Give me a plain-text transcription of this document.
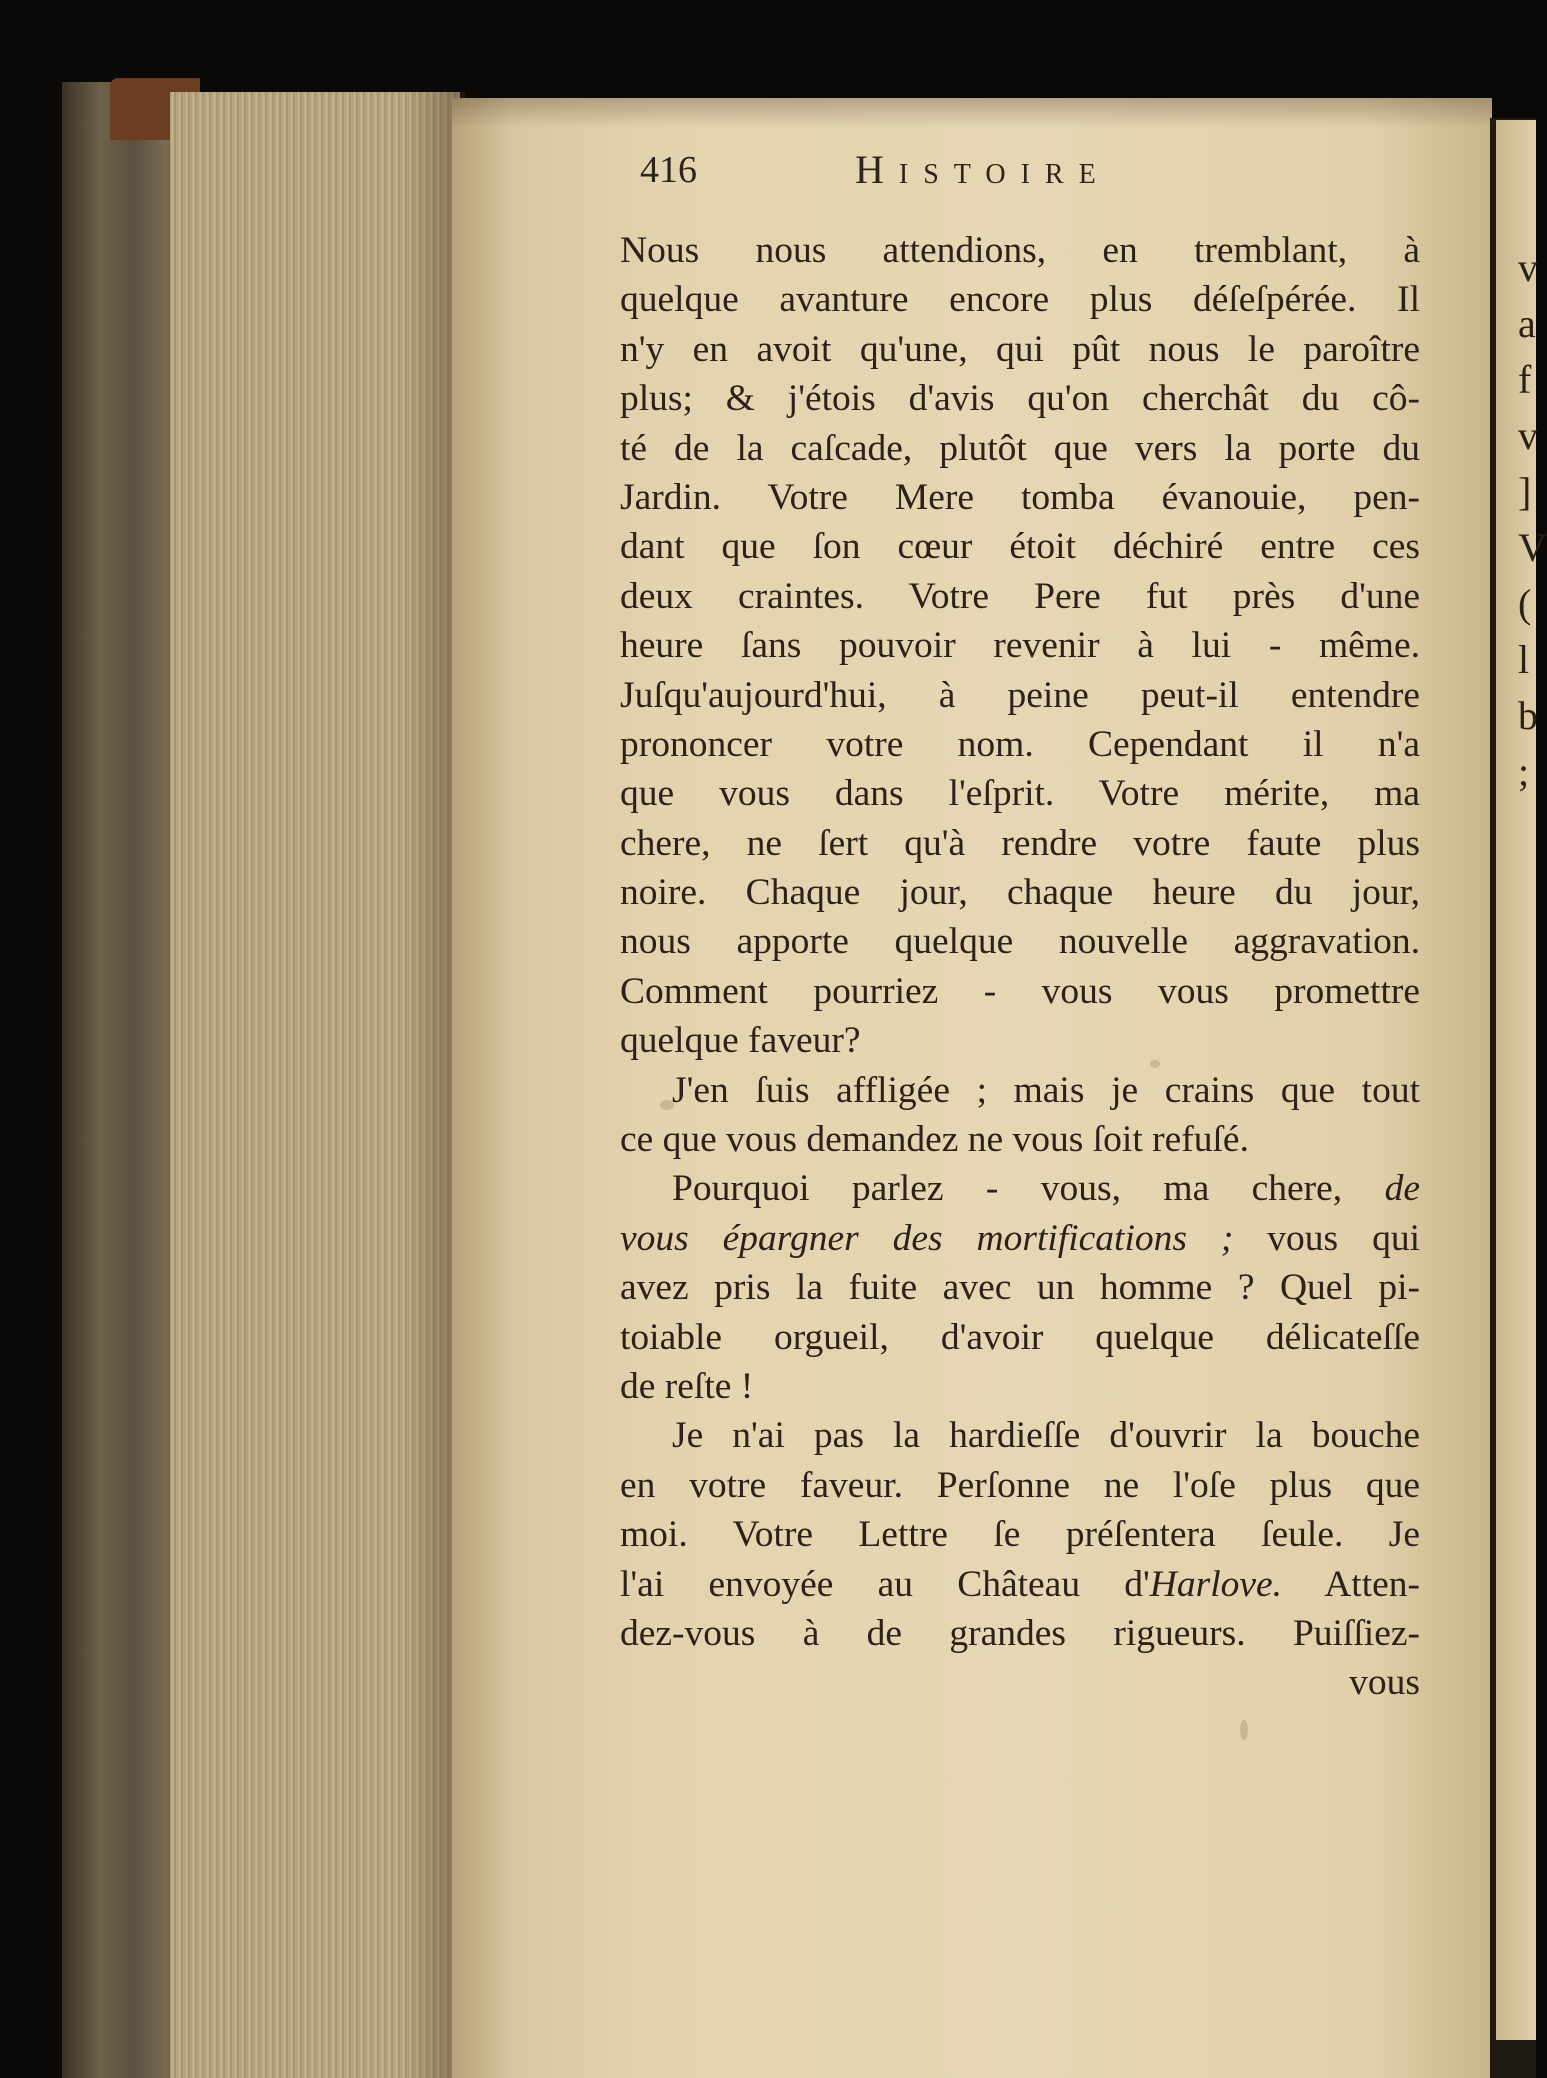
v
a
f
v
]
V
(
l
b
;
416	Histoire
Nous nous attendions, en tremblant, à
quelque avanture encore plus déſeſpérée. Il
n'y en avoit qu'une, qui pût nous le paroître
plus; & j'étois d'avis qu'on cherchât du cô-
té de la caſcade, plutôt que vers la porte du
Jardin. Votre Mere tomba évanouie, pen-
dant que ſon cœur étoit déchiré entre ces
deux craintes. Votre Pere fut près d'une
heure ſans pouvoir revenir à lui - même.
Juſqu'aujourd'hui, à peine peut-il entendre
prononcer votre nom. Cependant il n'a
que vous dans l'eſprit. Votre mérite, ma
chere, ne ſert qu'à rendre votre faute plus
noire. Chaque jour, chaque heure du jour,
nous apporte quelque nouvelle aggravation.
Comment pourriez - vous vous promettre
quelque faveur?
J'en ſuis affligée ; mais je crains que tout
ce que vous demandez ne vous ſoit refuſé.
Pourquoi parlez - vous, ma chere, de
vous épargner des mortifications ; vous qui
avez pris la fuite avec un homme ? Quel pi-
toiable orgueil, d'avoir quelque délicateſſe
de reſte !
Je n'ai pas la hardieſſe d'ouvrir la bouche
en votre faveur. Perſonne ne l'oſe plus que
moi. Votre Lettre ſe préſentera ſeule. Je
l'ai envoyée au Château d'Harlove. Atten-
dez-vous à de grandes rigueurs. Puiſſiez-
vous
